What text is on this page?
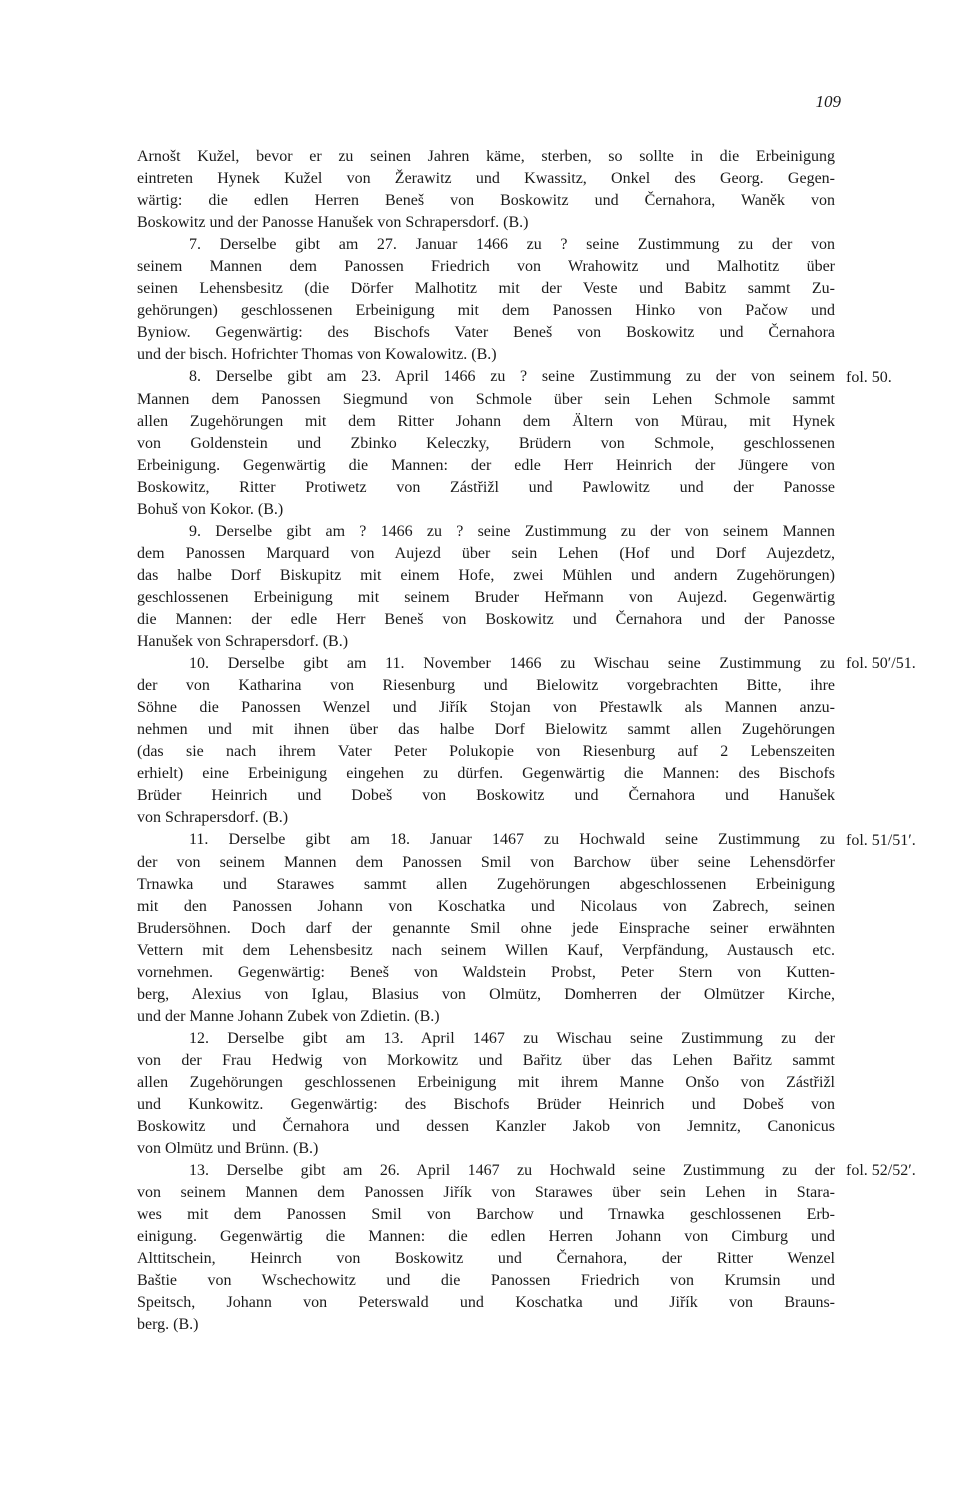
109
Arnošt Kužel, bevor er zu seinen Jahren käme, sterben, so sollte in die Erbeinigung
eintreten Hynek Kužel von Žerawitz und Kwassitz, Onkel des Georg. Gegen-
wärtig: die edlen Herren Beneš von Boskowitz und Černahora, Waněk von
Boskowitz und der Panosse Hanušek von Schrapersdorf. (B.)
7. Derselbe gibt am 27. Januar 1466 zu ? seine Zustimmung zu der von
seinem Mannen dem Panossen Friedrich von Wrahowitz und Malhotitz über
seinen Lehensbesitz (die Dörfer Malhotitz mit der Veste und Babitz sammt Zu-
gehörungen) geschlossenen Erbeinigung mit dem Panossen Hinko von Pačow und
Byniow. Gegenwärtig: des Bischofs Vater Beneš von Boskowitz und Černahora
und der bisch. Hofrichter Thomas von Kowalowitz. (B.)
8. Derselbe gibt am 23. April 1466 zu ? seine Zustimmung zu der von seinem
Mannen dem Panossen Siegmund von Schmole über sein Lehen Schmole sammt
allen Zugehörungen mit dem Ritter Johann dem Ältern von Mürau, mit Hynek
von Goldenstein und Zbinko Keleczky, Brüdern von Schmole, geschlossenen
Erbeinigung. Gegenwärtig die Mannen: der edle Herr Heinrich der Jüngere von
Boskowitz, Ritter Protiwetz von Zástřižl und Pawlowitz und der Panosse
Bohuš von Kokor. (B.)
9. Derselbe gibt am ? 1466 zu ? seine Zustimmung zu der von seinem Mannen
dem Panossen Marquard von Aujezd über sein Lehen (Hof und Dorf Aujezdetz,
das halbe Dorf Biskupitz mit einem Hofe, zwei Mühlen und andern Zugehörungen)
geschlossenen Erbeinigung mit seinem Bruder Heřmann von Aujezd. Gegenwärtig
die Mannen: der edle Herr Beneš von Boskowitz und Černahora und der Panosse
Hanušek von Schrapersdorf. (B.)
10. Derselbe gibt am 11. November 1466 zu Wischau seine Zustimmung zu
der von Katharina von Riesenburg und Bielowitz vorgebrachten Bitte, ihre
Söhne die Panossen Wenzel und Jiřík Stojan von Přestawlk als Mannen anzu-
nehmen und mit ihnen über das halbe Dorf Bielowitz sammt allen Zugehörungen
(das sie nach ihrem Vater Peter Polukopie von Riesenburg auf 2 Lebenszeiten
erhielt) eine Erbeinigung eingehen zu dürfen. Gegenwärtig die Mannen: des Bischofs
Brüder Heinrich und Dobeš von Boskowitz und Černahora und Hanušek
von Schrapersdorf. (B.)
11. Derselbe gibt am 18. Januar 1467 zu Hochwald seine Zustimmung zu
der von seinem Mannen dem Panossen Smil von Barchow über seine Lehensdörfer
Trnawka und Starawes sammt allen Zugehörungen abgeschlossenen Erbeinigung
mit den Panossen Johann von Koschatka und Nicolaus von Zabrech, seinen
Brudersöhnen. Doch darf der genannte Smil ohne jede Einsprache seiner erwähnten
Vettern mit dem Lehensbesitz nach seinem Willen Kauf, Verpfändung, Austausch etc.
vornehmen. Gegenwärtig: Beneš von Waldstein Probst, Peter Stern von Kutten-
berg, Alexius von Iglau, Blasius von Olmütz, Domherren der Olmützer Kirche,
und der Manne Johann Zubek von Zdietin. (B.)
12. Derselbe gibt am 13. April 1467 zu Wischau seine Zustimmung zu der
von der Frau Hedwig von Morkowitz und Bařitz über das Lehen Bařitz sammt
allen Zugehörungen geschlossenen Erbeinigung mit ihrem Manne Onšo von Zástřižl
und Kunkowitz. Gegenwärtig: des Bischofs Brüder Heinrich und Dobeš von
Boskowitz und Černahora und dessen Kanzler Jakob von Jemnitz, Canonicus
von Olmütz und Brünn. (B.)
13. Derselbe gibt am 26. April 1467 zu Hochwald seine Zustimmung zu der
von seinem Mannen dem Panossen Jiřík von Starawes über sein Lehen in Stara-
wes mit dem Panossen Smil von Barchow und Trnawka geschlossenen Erb-
einigung. Gegenwärtig die Mannen: die edlen Herren Johann von Cimburg und
Alttitschein, Heinrch von Boskowitz und Černahora, der Ritter Wenzel
Baštie von Wschechowitz und die Panossen Friedrich von Krumsin und
Speitsch, Johann von Peterswald und Koschatka und Jiřík von Brauns-
berg. (B.)
fol. 50.
fol. 50′/51.
fol. 51/51′.
fol. 52/52′.
